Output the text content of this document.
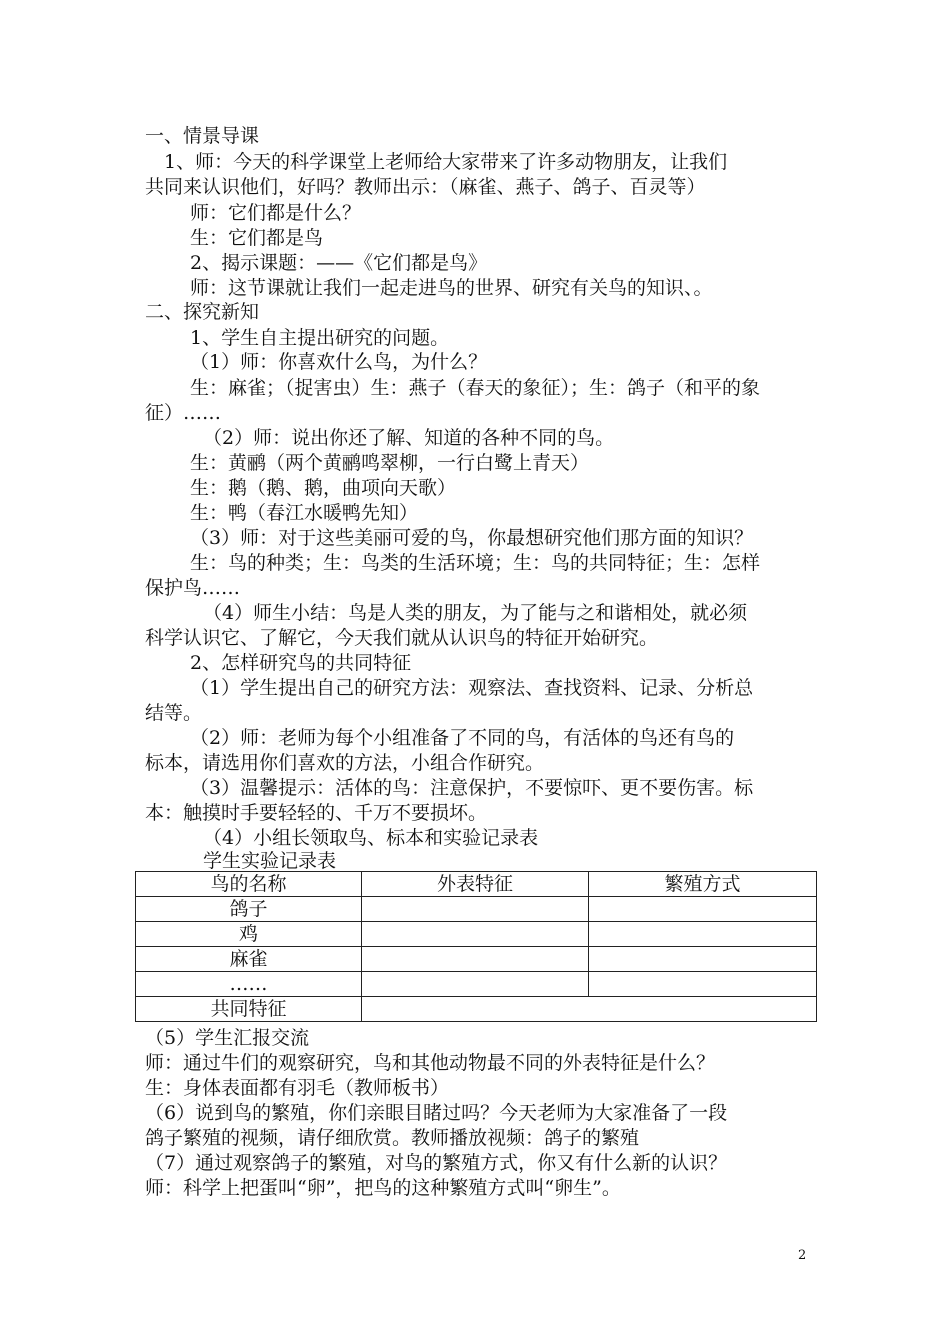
一、情景导课
1、师：今天的科学课堂上老师给大家带来了许多动物朋友，让我们
共同来认识他们，好吗？教师出示：（麻雀、燕子、鸽子、百灵等）
师：它们都是什么？
生：它们都是鸟
2、揭示课题：——《它们都是鸟》
师：这节课就让我们一起走进鸟的世界、研究有关鸟的知识、。
二、探究新知
1、学生自主提出研究的问题。
（1）师：你喜欢什么鸟，为什么？
生：麻雀；（捉害虫）生：燕子（春天的象征）；生：鸽子（和平的象
征）……
（2）师：说出你还了解、知道的各种不同的鸟。
生：黄鹂（两个黄鹂鸣翠柳，一行白鹭上青天）
生：鹅（鹅、鹅，曲项向天歌）
生：鸭（春江水暖鸭先知）
（3）师：对于这些美丽可爱的鸟，你最想研究他们那方面的知识？
生：鸟的种类；生：鸟类的生活环境；生：鸟的共同特征；生：怎样
保护鸟……
（4）师生小结：鸟是人类的朋友，为了能与之和谐相处，就必须
科学认识它、了解它，今天我们就从认识鸟的特征开始研究。
2、怎样研究鸟的共同特征
（1）学生提出自己的研究方法：观察法、查找资料、记录、分析总
结等。
（2）师：老师为每个小组准备了不同的鸟，有活体的鸟还有鸟的
标本，请选用你们喜欢的方法，小组合作研究。
（3）温馨提示：活体的鸟：注意保护，不要惊吓、更不要伤害。标
本：触摸时手要轻轻的、千万不要损坏。
（4）小组长领取鸟、标本和实验记录表
学生实验记录表
鸟的名称	外表特征	繁殖方式
鸽子		
鸡		
麻雀		
……		
共同特征		
（5）学生汇报交流
师：通过牛们的观察研究，鸟和其他动物最不同的外表特征是什么？
生：身体表面都有羽毛（教师板书）
（6）说到鸟的繁殖，你们亲眼目睹过吗？今天老师为大家准备了一段
鸽子繁殖的视频，请仔细欣赏。教师播放视频：鸽子的繁殖
（7）通过观察鸽子的繁殖，对鸟的繁殖方式，你又有什么新的认识？
师：科学上把蛋叫“卵”，把鸟的这种繁殖方式叫“卵生”。
2
